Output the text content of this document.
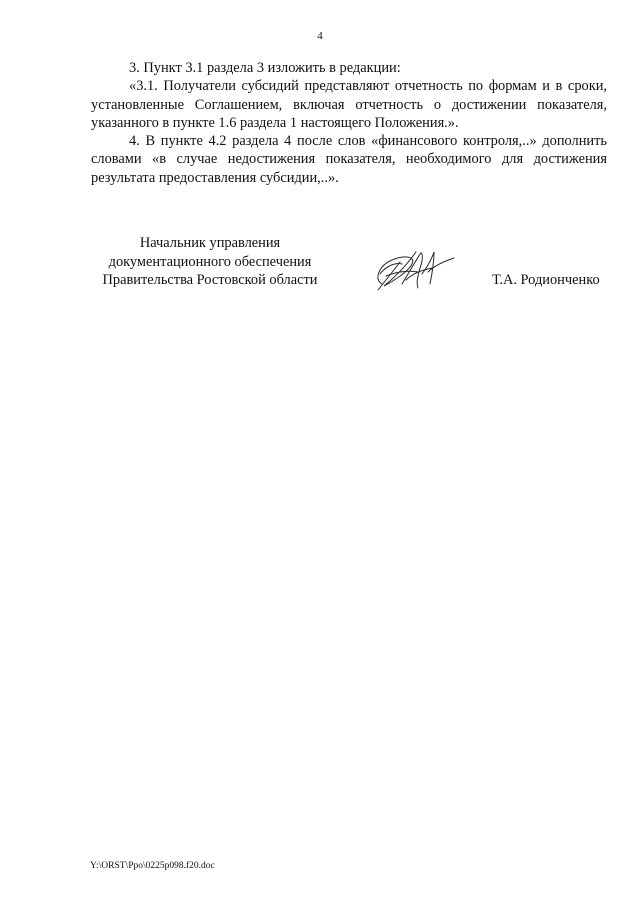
4

3. Пункт 3.1 раздела 3 изложить в редакции:

«3.1. Получатели субсидий представляют отчетность по формам и в сроки, установленные Соглашением, включая отчетность о достижении показателя, указанного в пункте 1.6 раздела 1 настоящего Положения.».

4. В пункте 4.2 раздела 4 после слов «финансового контроля,..» дополнить словами «в случае недостижения показателя, необходимого для достижения результата предоставления субсидии,..».

Начальник управления
документационного обеспечения
Правительства Ростовской области	Т.А. Родионченко
Y:\ORST\Ppo\0225p098.f20.doc
